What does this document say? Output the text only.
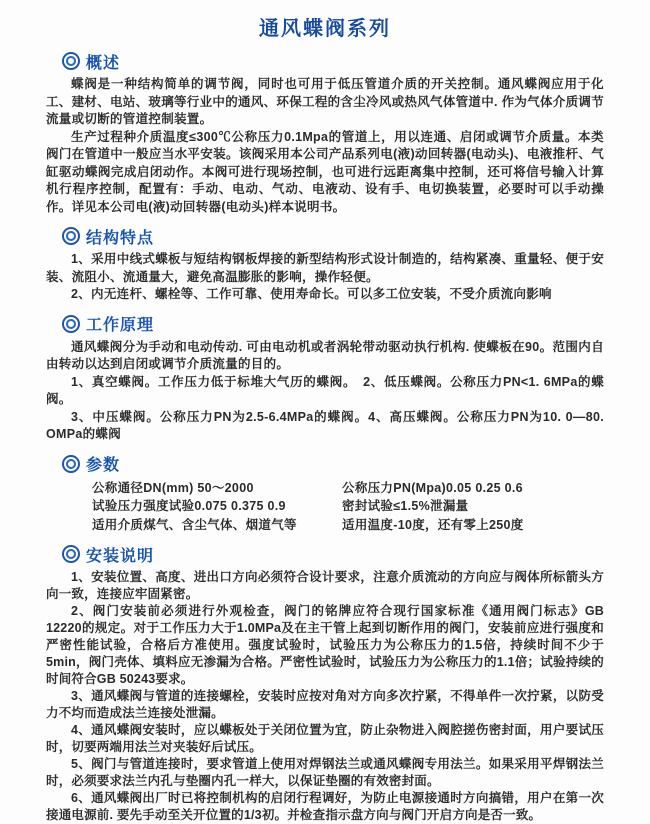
通风蝶阀系列
概述

蝶阀是一种结构简单的调节阀，同时也可用于低压管道介质的开关控制。通风蝶阀应用于化工、建材、电站、玻璃等行业中的通风、环保工程的含尘冷风或热风气体管道中. 作为气体介质调节流量或切断的管道控制装置。

生产过程种介质温度≤300℃公称压力0.1Mpa的管道上，用以连通、启闭或调节介质量。本类阀门在管道中一般应当水平安装。该阀采用本公司产品系列电(液)动回转器(电动头)、电液推杆、气缸驱动蝶阀完成启闭动作。本阀可进行现场控制，也可进行远距离集中控制，还可将信号输入计算机行程序控制，配置有：手动、电动、气动、电液动、设有手、电切换装置，必要时可以手动操作。详见本公司电(液)动回转器(电动头)样本说明书。

结构特点

1、采用中线式蝶板与短结构钢板焊接的新型结构形式设计制造的，结构紧凑、重量轻、便于安装、流阻小、流通量大，避免高温膨胀的影响，操作轻便。

2、内无连杆、螺栓等、工作可靠、使用寿命长。可以多工位安装，不受介质流向影响

工作原理

通风蝶阀分为手动和电动传动. 可由电动机或者涡轮带动驱动执行机构. 使蝶板在90。范围内自由转动以达到启闭或调节介质流量的目的。

1、真空蝶阀。工作压力低于标堆大气历的蝶阀。　2、低压蝶阀。公称压力PN<1. 6MPa的蝶阀。

3、中压蝶阀。公称压力PN为2.5-6.4MPa的蝶阀。4、高压蝶阀。公称压力PN为10. 0—80. OMPa的蝶阀

参数

公称通径DN(mm) 50～2000

试验压力强度试验0.075 0.375 0.9

适用介质煤气、含尘气体、烟道气等

公称压力PN(Mpa)0.05 0.25 0.6

密封试验≤1.5%泄漏量

适用温度-10度，还有零上250度

安装说明

1、安装位置、高度、进出口方向必须符合设计要求，注意介质流动的方向应与阀体所标箭头方向一致，连接应牢固紧密。

2、阀门安装前必须进行外观检查，阀门的铭牌应符合现行国家标准《通用阀门标志》GB 12220的规定。对于工作压力大于1.0MPa及在主干管上起到切断作用的阀门，安装前应进行强度和严密性能试验，合格后方准使用。强度试验时，试验压力为公称压力的1.5倍，持续时间不少于5min，阀门壳体、填料应无渗漏为合格。严密性试验时，试验压力为公称压力的1.1倍；试验持续的时间符合GB 50243要求。

3、通风蝶阀与管道的连接螺栓，安装时应按对角对方向多次拧紧，不得单件一次拧紧，以防受力不均而造成法兰连接处泄漏。

4、通风蝶阀安装时，应以蝶板处于关闭位置为宜，防止杂物进入阀腔搓伤密封面，用户要试压时，切要两端用法兰对夹装好后试压。

5、阀门与管道连接时，要求管道上使用对焊钢法兰或通风蝶阀专用法兰。如果采用平焊钢法兰时，必须要求法兰内孔与垫圈内孔一样大，以保证垫圈的有效密封面。

6、通风蝶阀出厂时已将控制机构的启闭行程调好，为防止电源接通时方向搞错，用户在第一次接通电源前. 要先手动至关开位置的1/3初。并检查指示盘方向与阀门开启方向是否一致。
